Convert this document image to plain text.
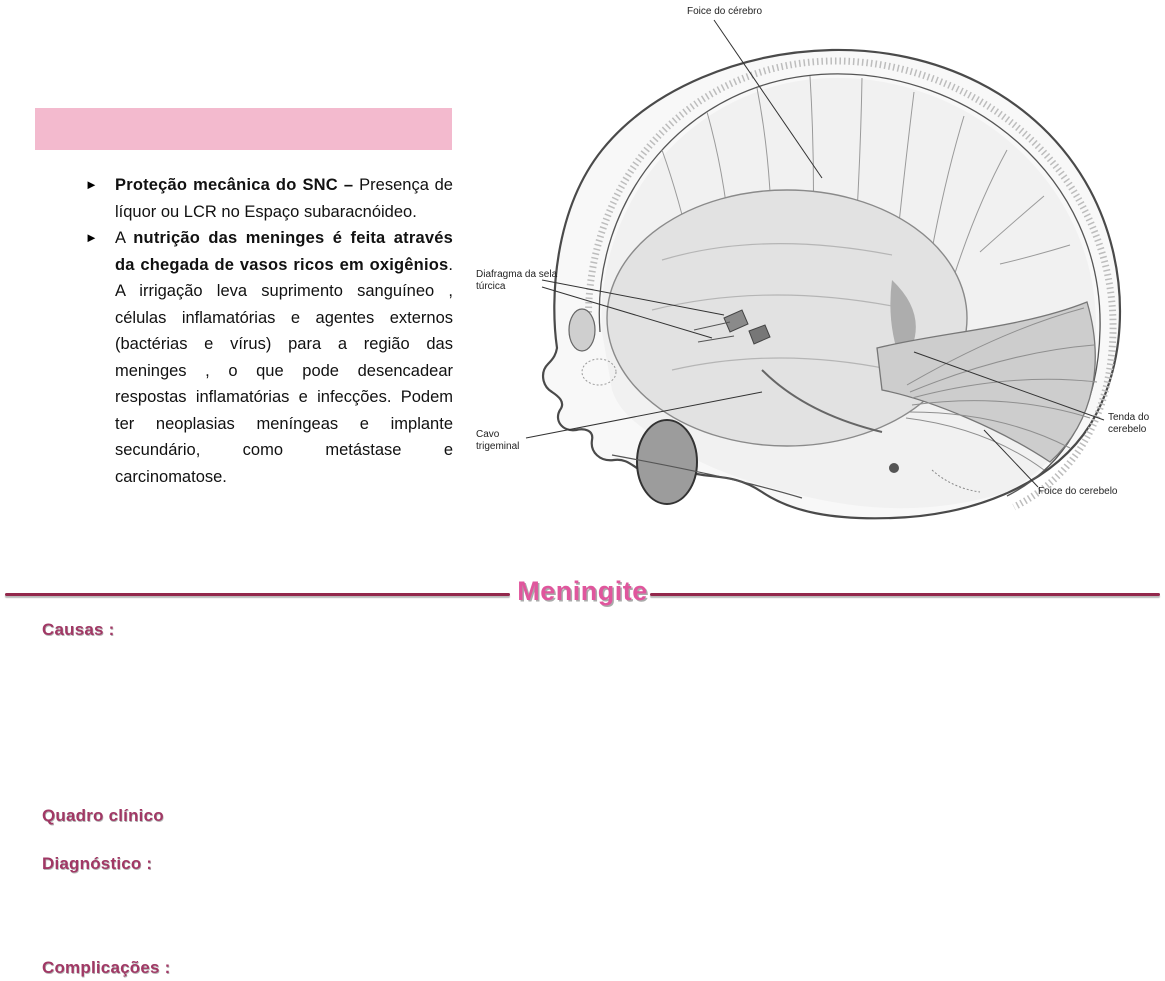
►	Proteção mecânica do SNC – Presença de líquor ou LCR no Espaço subaracnóideo.
►	A nutrição das meninges é feita através da chegada de vasos ricos em oxigênios. A irrigação leva suprimento sanguíneo , células inflamatórias e agentes externos (bactérias e vírus) para a região das meninges , o que pode desencadear respostas inflamatórias e infecções. Podem ter neoplasias meníngeas e implante secundário, como metástase e carcinomatose.
Foice do cérebro
Diafragma da sela
túrcica
Cavo
trigeminal
Tenda do
cerebelo
Foice do cerebelo
Meningite
Causas :
Quadro clínico
Diagnóstico :
Complicações :
